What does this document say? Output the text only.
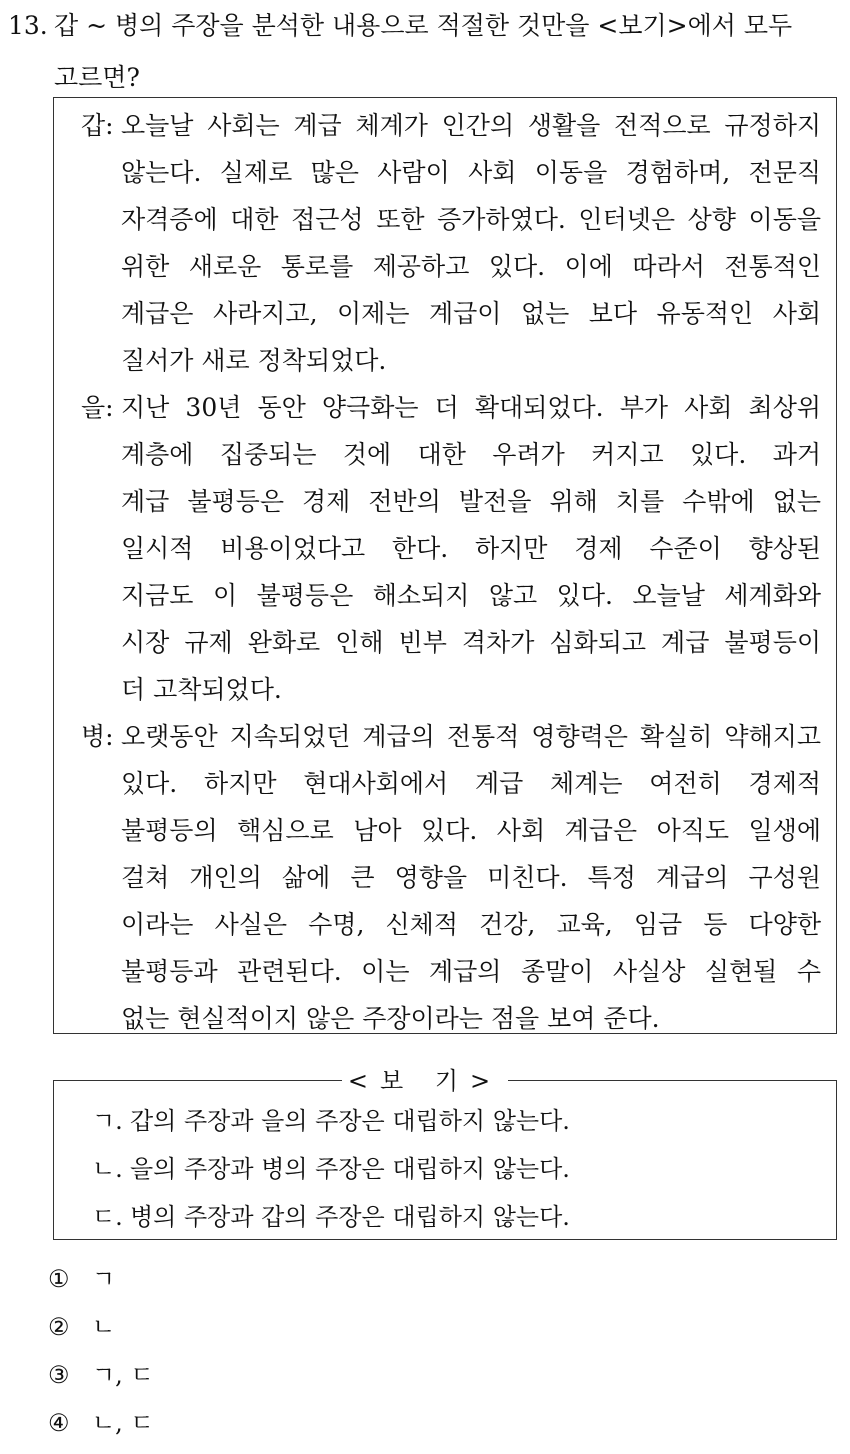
13. 갑 ~ 병의 주장을 분석한 내용으로 적절한 것만을 <보기>에서 모두
고르면?
갑: 오늘날 사회는 계급 체계가 인간의 생활을 전적으로 규정하지
않는다. 실제로 많은 사람이 사회 이동을 경험하며, 전문직
자격증에 대한 접근성 또한 증가하였다. 인터넷은 상향 이동을
위한 새로운 통로를 제공하고 있다. 이에 따라서 전통적인
계급은 사라지고, 이제는 계급이 없는 보다 유동적인 사회
질서가 새로 정착되었다.
을: 지난 30년 동안 양극화는 더 확대되었다. 부가 사회 최상위
계층에 집중되는 것에 대한 우려가 커지고 있다. 과거
계급 불평등은 경제 전반의 발전을 위해 치를 수밖에 없는
일시적 비용이었다고 한다. 하지만 경제 수준이 향상된
지금도 이 불평등은 해소되지 않고 있다. 오늘날 세계화와
시장 규제 완화로 인해 빈부 격차가 심화되고 계급 불평등이
더 고착되었다.
병: 오랫동안 지속되었던 계급의 전통적 영향력은 확실히 약해지고
있다. 하지만 현대사회에서 계급 체계는 여전히 경제적
불평등의 핵심으로 남아 있다. 사회 계급은 아직도 일생에
걸쳐 개인의 삶에 큰 영향을 미친다. 특정 계급의 구성원
이라는 사실은 수명, 신체적 건강, 교육, 임금 등 다양한
불평등과 관련된다. 이는 계급의 종말이 사실상 실현될 수
없는 현실적이지 않은 주장이라는 점을 보여 준다.
ㄱ. 갑의 주장과 을의 주장은 대립하지 않는다.
ㄴ. 을의 주장과 병의 주장은 대립하지 않는다.
ㄷ. 병의 주장과 갑의 주장은 대립하지 않는다.
<보 기>
① ㄱ
② ㄴ
③ ㄱ, ㄷ
④ ㄴ, ㄷ
